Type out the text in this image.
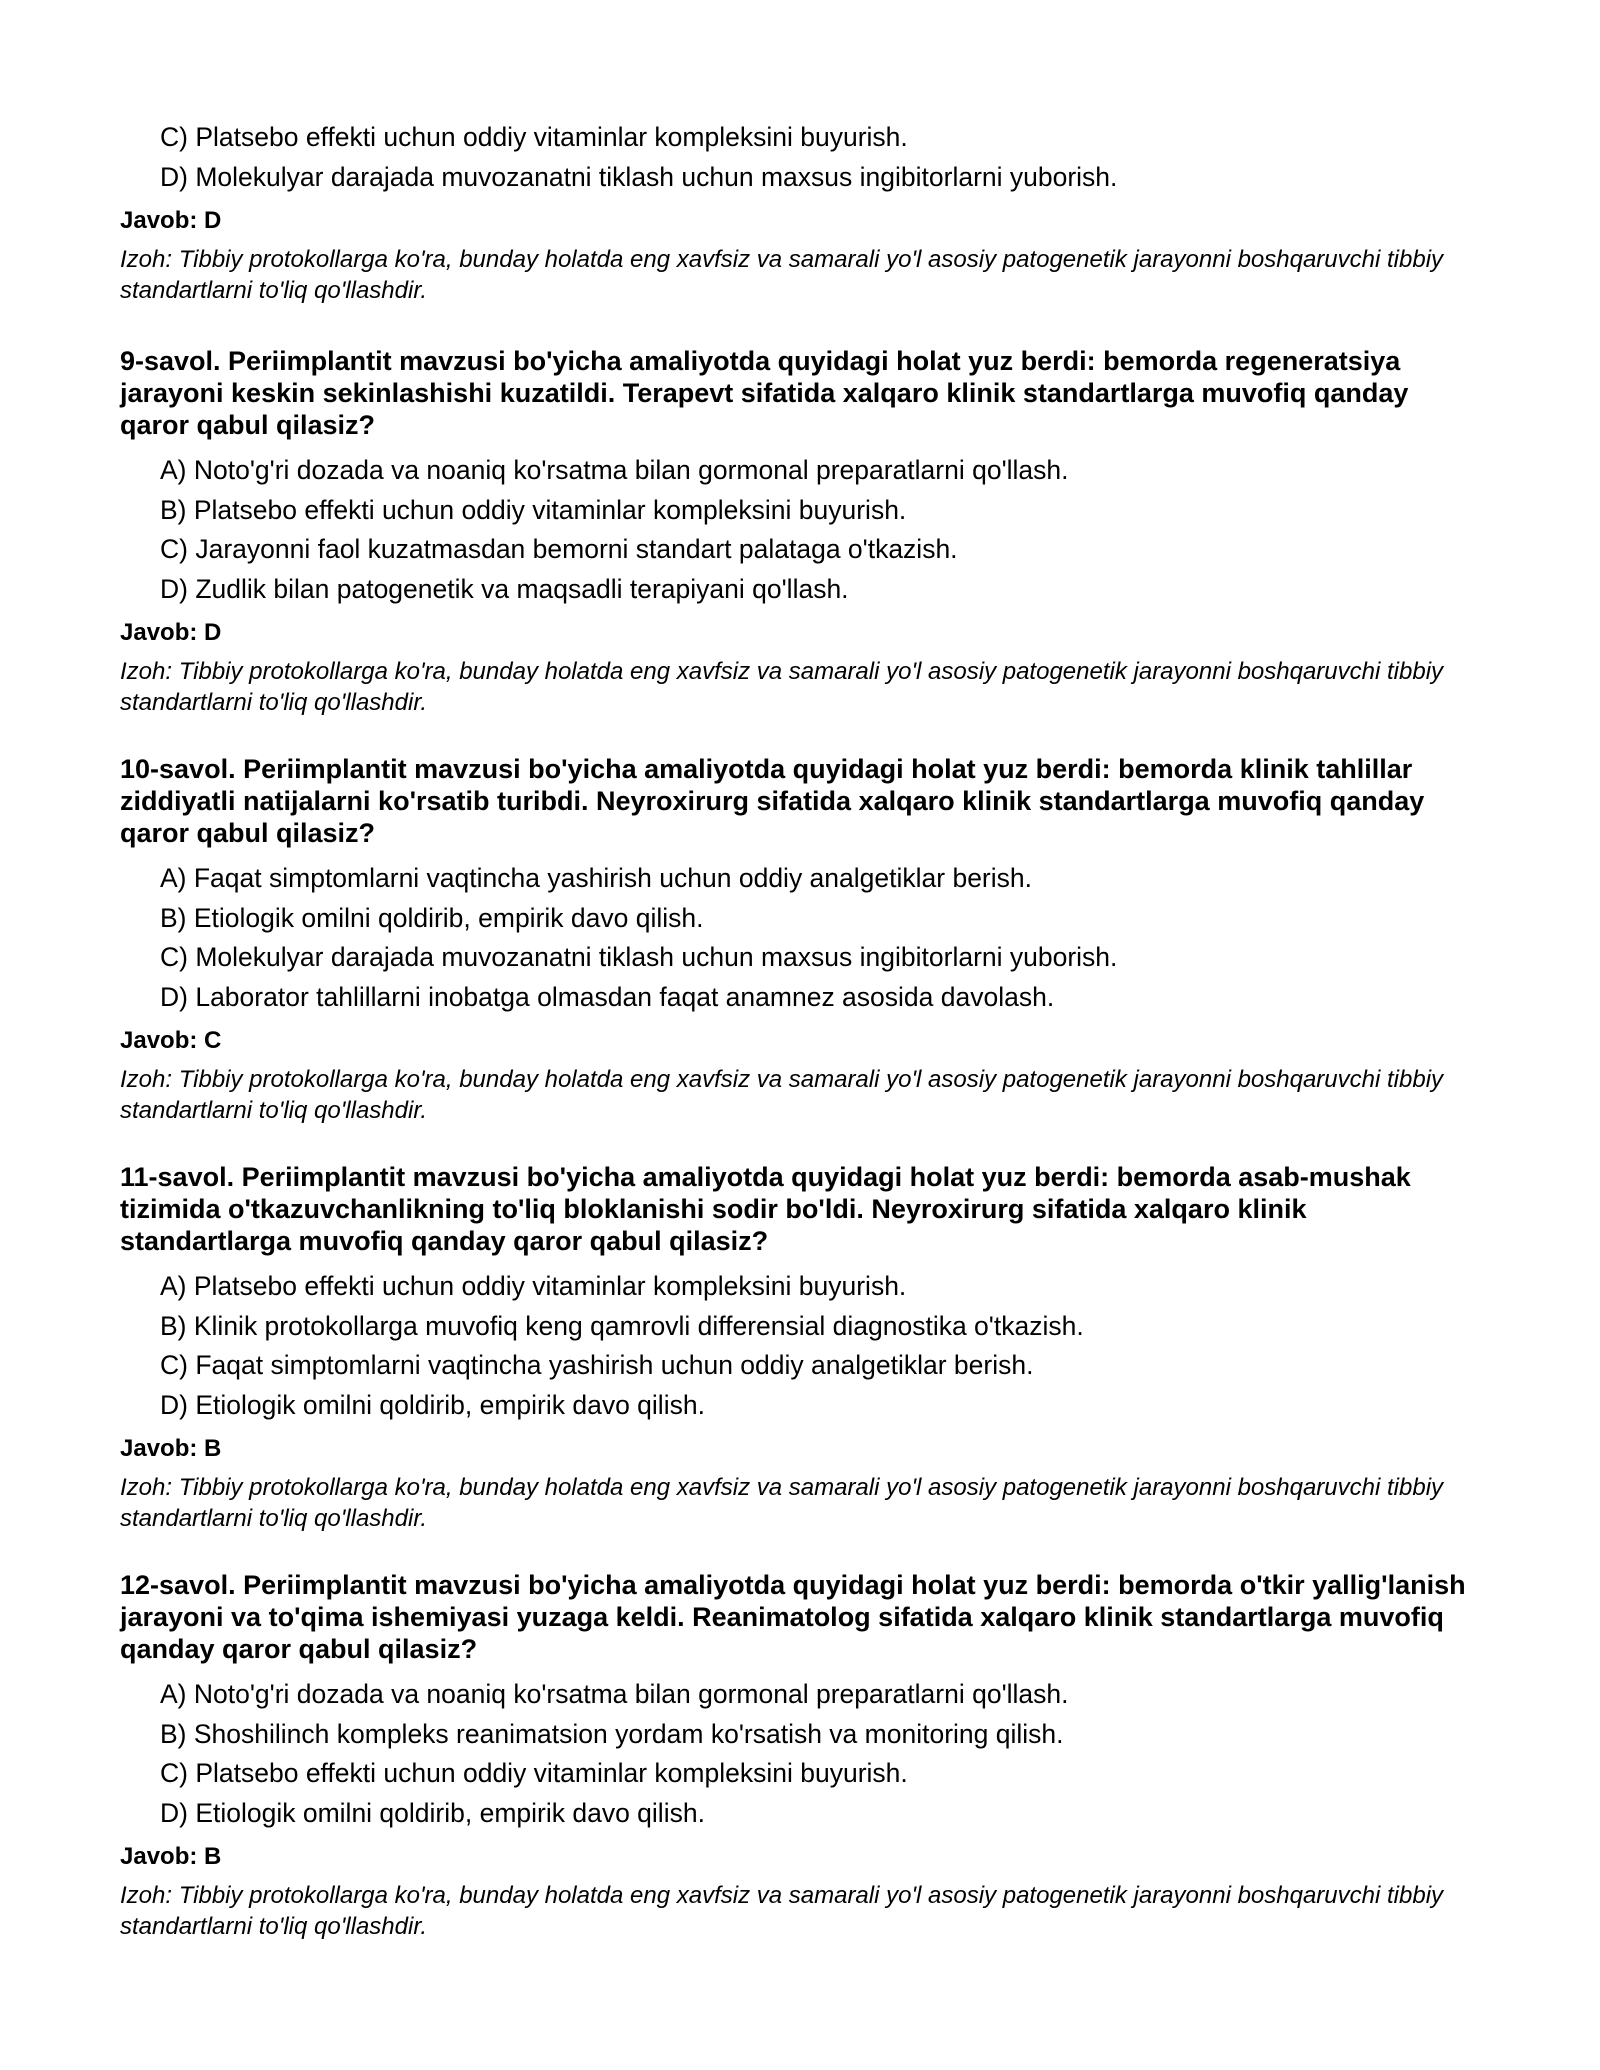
C) Platsebo effekti uchun oddiy vitaminlar kompleksini buyurish.

D) Molekulyar darajada muvozanatni tiklash uchun maxsus ingibitorlarni yuborish.

Javob: D

Izoh: Tibbiy protokollarga ko'ra, bunday holatda eng xavfsiz va samarali yo'l asosiy patogenetik jarayonni boshqaruvchi tibbiy standartlarni to'liq qo'llashdir.

9-savol. Periimplantit mavzusi bo'yicha amaliyotda quyidagi holat yuz berdi: bemorda regeneratsiya jarayoni keskin sekinlashishi kuzatildi. Terapevt sifatida xalqaro klinik standartlarga muvofiq qanday qaror qabul qilasiz?

A) Noto'g'ri dozada va noaniq ko'rsatma bilan gormonal preparatlarni qo'llash.

B) Platsebo effekti uchun oddiy vitaminlar kompleksini buyurish.

C) Jarayonni faol kuzatmasdan bemorni standart palataga o'tkazish.

D) Zudlik bilan patogenetik va maqsadli terapiyani qo'llash.

Javob: D

Izoh: Tibbiy protokollarga ko'ra, bunday holatda eng xavfsiz va samarali yo'l asosiy patogenetik jarayonni boshqaruvchi tibbiy standartlarni to'liq qo'llashdir.

10-savol. Periimplantit mavzusi bo'yicha amaliyotda quyidagi holat yuz berdi: bemorda klinik tahlillar ziddiyatli natijalarni ko'rsatib turibdi. Neyroxirurg sifatida xalqaro klinik standartlarga muvofiq qanday qaror qabul qilasiz?

A) Faqat simptomlarni vaqtincha yashirish uchun oddiy analgetiklar berish.

B) Etiologik omilni qoldirib, empirik davo qilish.

C) Molekulyar darajada muvozanatni tiklash uchun maxsus ingibitorlarni yuborish.

D) Laborator tahlillarni inobatga olmasdan faqat anamnez asosida davolash.

Javob: C

Izoh: Tibbiy protokollarga ko'ra, bunday holatda eng xavfsiz va samarali yo'l asosiy patogenetik jarayonni boshqaruvchi tibbiy standartlarni to'liq qo'llashdir.

11-savol. Periimplantit mavzusi bo'yicha amaliyotda quyidagi holat yuz berdi: bemorda asab-mushak tizimida o'tkazuvchanlikning to'liq bloklanishi sodir bo'ldi. Neyroxirurg sifatida xalqaro klinik standartlarga muvofiq qanday qaror qabul qilasiz?

A) Platsebo effekti uchun oddiy vitaminlar kompleksini buyurish.

B) Klinik protokollarga muvofiq keng qamrovli differensial diagnostika o'tkazish.

C) Faqat simptomlarni vaqtincha yashirish uchun oddiy analgetiklar berish.

D) Etiologik omilni qoldirib, empirik davo qilish.

Javob: B

Izoh: Tibbiy protokollarga ko'ra, bunday holatda eng xavfsiz va samarali yo'l asosiy patogenetik jarayonni boshqaruvchi tibbiy standartlarni to'liq qo'llashdir.

12-savol. Periimplantit mavzusi bo'yicha amaliyotda quyidagi holat yuz berdi: bemorda o'tkir yallig'lanish jarayoni va to'qima ishemiyasi yuzaga keldi. Reanimatolog sifatida xalqaro klinik standartlarga muvofiq qanday qaror qabul qilasiz?

A) Noto'g'ri dozada va noaniq ko'rsatma bilan gormonal preparatlarni qo'llash.

B) Shoshilinch kompleks reanimatsion yordam ko'rsatish va monitoring qilish.

C) Platsebo effekti uchun oddiy vitaminlar kompleksini buyurish.

D) Etiologik omilni qoldirib, empirik davo qilish.

Javob: B

Izoh: Tibbiy protokollarga ko'ra, bunday holatda eng xavfsiz va samarali yo'l asosiy patogenetik jarayonni boshqaruvchi tibbiy standartlarni to'liq qo'llashdir.
